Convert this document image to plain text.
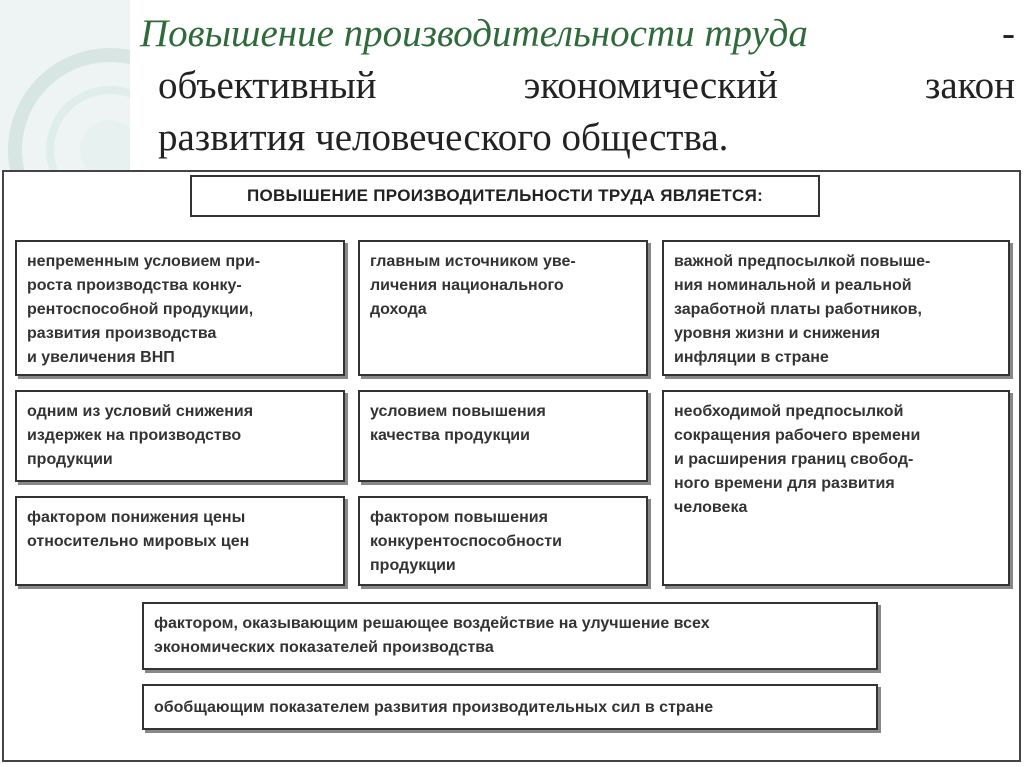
Повышение производительности труда	-
объективный	экономический	закон
развития человеческого общества.
ПОВЫШЕНИЕ ПРОИЗВОДИТЕЛЬНОСТИ ТРУДА ЯВЛЯЕТСЯ:
непременным условием при-
роста производства конку-
рентоспособной продукции,
развития производства
и увеличения ВНП
главным источником уве-
личения национального
дохода
важной предпосылкой повыше-
ния номинальной и реальной
заработной платы работников,
уровня жизни и снижения
инфляции в стране
одним из условий снижения
издержек на производство
продукции
условием повышения
качества продукции
необходимой предпосылкой
сокращения рабочего времени
и расширения границ свобод-
ного времени для развития
человека
фактором понижения цены
относительно мировых цен
фактором повышения
конкурентоспособности
продукции
фактором, оказывающим решающее воздействие на улучшение всех
экономических показателей производства
обобщающим показателем развития производительных сил в стране
